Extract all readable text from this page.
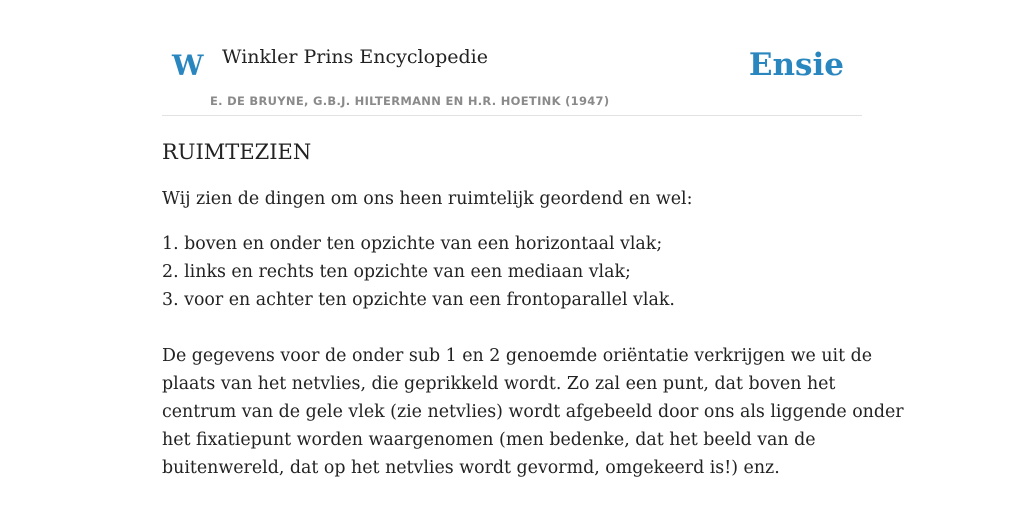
W Winkler Prins Encyclopedie
E. DE BRUYNE, G.B.J. HILTERMANN EN H.R. HOETINK (1947)
Ensie
RUIMTEZIEN

Wij zien de dingen om ons heen ruimtelijk geordend en wel:

1. boven en onder ten opzichte van een horizontaal vlak;
2. links en rechts ten opzichte van een mediaan vlak;
3. voor en achter ten opzichte van een frontoparallel vlak.

De gegevens voor de onder sub 1 en 2 genoemde oriëntatie verkrijgen we uit de
plaats van het netvlies, die geprikkeld wordt. Zo zal een punt, dat boven het
centrum van de gele vlek (zie netvlies) wordt afgebeeld door ons als liggende onder
het fixatiepunt worden waargenomen (men bedenke, dat het beeld van de
buitenwereld, dat op het netvlies wordt gevormd, omgekeerd is!) enz.
